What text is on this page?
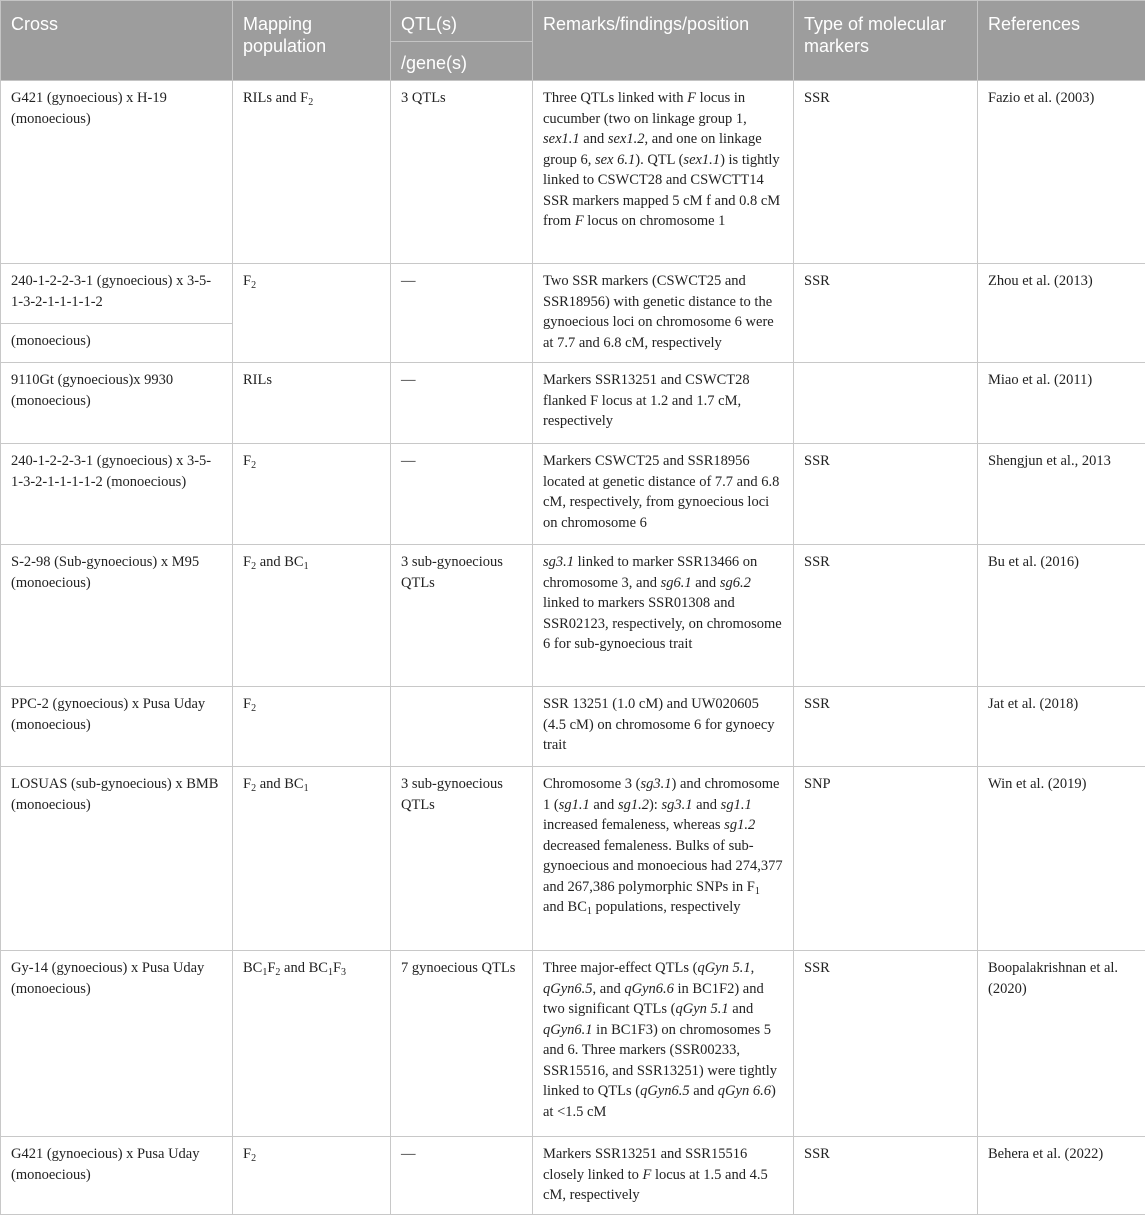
Cross	Mapping population	QTL(s)	Remarks/findings/position	Type of molecular markers	References
		/gene(s)			
G421 (gynoecious) x H-19 (monoecious)	RILs and $F_2$	3 QTLs	Three QTLs linked with F locus in cucumber (two on linkage group 1, sex1.1 and sex1.2, and one on linkage group 6, sex 6.1). QTL (sex1.1) is tightly linked to CSWCT28 and CSWCTT14 SSR markers mapped 5 cM f and 0.8 cM from F locus on chromosome 1	SSR	Fazio et al. (2003)
240-1-2-2-3-1 (gynoecious) x 3-5-1-3-2-1-1-1-1-2	$F_2$	—	Two SSR markers (CSWCT25 and SSR18956) with genetic distance to the gynoecious loci on chromosome 6 were at 7.7 and 6.8 cM, respectively	SSR	Zhou et al. (2013)
(monoecious)					
9110Gt (gynoecious)x 9930 (monoecious)	RILs	—	Markers SSR13251 and CSWCT28 flanked F locus at 1.2 and 1.7 cM, respectively		Miao et al. (2011)
240-1-2-2-3-1 (gynoecious) x 3-5-1-3-2-1-1-1-1-2 (monoecious)	$F_2$	—	Markers CSWCT25 and SSR18956 located at genetic distance of 7.7 and 6.8 cM, respectively, from gynoecious loci on chromosome 6	SSR	Shengjun et al., 2013
S-2-98 (Sub-gynoecious) x M95 (monoecious)	$F_2$ and $BC_1$	3 sub-gynoecious QTLs	sg3.1 linked to marker SSR13466 on chromosome 3, and sg6.1 and sg6.2 linked to markers SSR01308 and SSR02123, respectively, on chromosome 6 for sub-gynoecious trait	SSR	Bu et al. (2016)
PPC-2 (gynoecious) x Pusa Uday (monoecious)	$F_2$		SSR 13251 (1.0 cM) and UW020605 (4.5 cM) on chromosome 6 for gynoecy trait	SSR	Jat et al. (2018)
LOSUAS (sub-gynoecious) x BMB (monoecious)	$F_2$ and $BC_1$	3 sub-gynoecious QTLs	Chromosome 3 (sg3.1) and chromosome 1 (sg1.1 and sg1.2): sg3.1 and sg1.1 increased femaleness, whereas sg1.2 decreased femaleness. Bulks of sub-gynoecious and monoecious had 274,377 and 267,386 polymorphic SNPs in $F_1$ and $BC_1$ populations, respectively	SNP	Win et al. (2019)
Gy-14 (gynoecious) x Pusa Uday (monoecious)	$BC_1F_2$ and $BC_1F_3$	7 gynoecious QTLs	Three major-effect QTLs (qGyn 5.1, qGyn6.5, and qGyn6.6 in BC1F2) and two significant QTLs (qGyn 5.1 and qGyn6.1 in BC1F3) on chromosomes 5 and 6. Three markers (SSR00233, SSR15516, and SSR13251) were tightly linked to QTLs (qGyn6.5 and qGyn 6.6) at <1.5 cM	SSR	Boopalakrishnan et al. (2020)
G421 (gynoecious) x Pusa Uday (monoecious)	$F_2$	—	Markers SSR13251 and SSR15516 closely linked to F locus at 1.5 and 4.5 cM, respectively	SSR	Behera et al. (2022)
